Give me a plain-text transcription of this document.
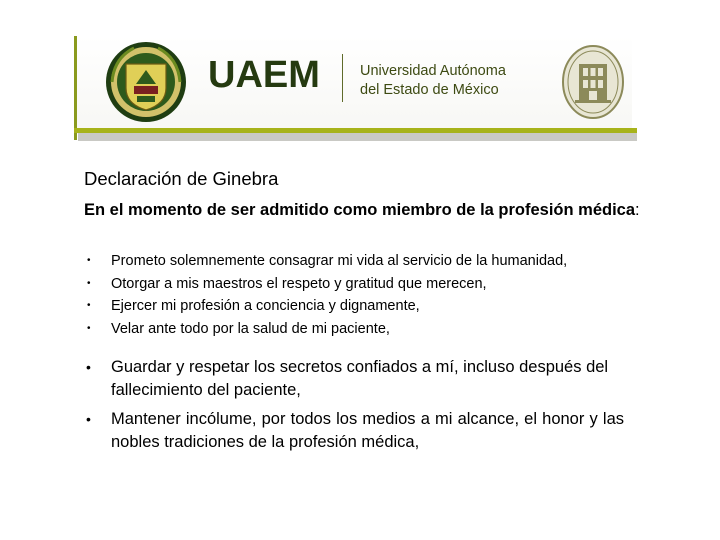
UAEM	Universidad Autónoma
del Estado de México
Declaración de Ginebra
En el momento de ser admitido como miembro de la profesión médica:
• Prometo solemnemente consagrar mi vida al servicio de la humanidad,
• Otorgar a mis maestros el respeto y gratitud que merecen,
• Ejercer mi profesión a conciencia y dignamente,
• Velar ante todo por la salud de mi paciente,
• Guardar y respetar los secretos confiados a mí, incluso después del fallecimiento del paciente,
• Mantener incólume, por todos los medios a mi alcance, el honor y las nobles tradiciones de la profesión médica,
